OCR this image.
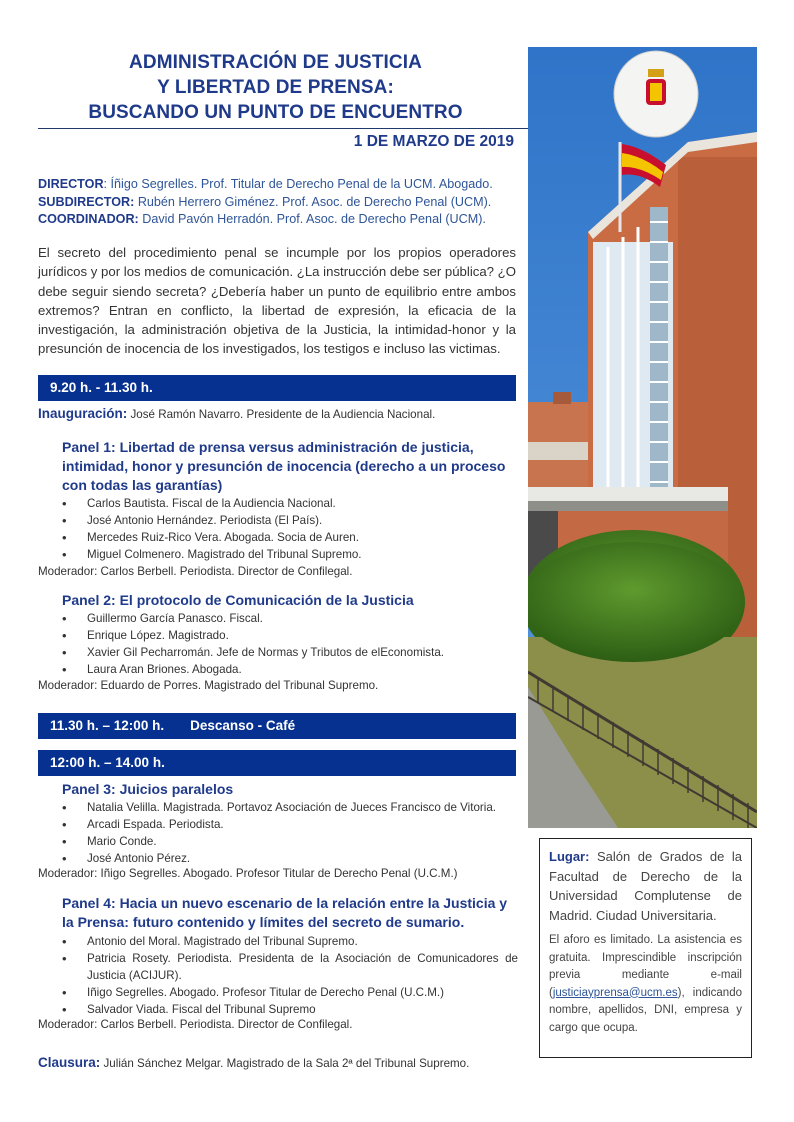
ADMINISTRACIÓN DE JUSTICIA
Y LIBERTAD DE PRENSA:
BUSCANDO UN PUNTO DE ENCUENTRO
1 DE MARZO DE 2019
DIRECTOR: Íñigo Segrelles. Prof. Titular de Derecho Penal de la UCM. Abogado.
SUBDIRECTOR: Rubén Herrero Giménez. Prof. Asoc. de Derecho Penal (UCM).
COORDINADOR: David Pavón Herradón. Prof. Asoc. de Derecho Penal (UCM).
El secreto del procedimiento penal se incumple por los propios operadores jurídicos y por los medios de comunicación. ¿La instrucción debe ser pública? ¿O debe seguir siendo secreta? ¿Debería haber un punto de equilibrio entre ambos extremos? Entran en conflicto, la libertad de expresión, la eficacia de la investigación, la administración objetiva de la Justicia, la intimidad-honor y la presunción de inocencia de los investigados, los testigos e incluso las victimas.
9.20 h. - 11.30 h.
Inauguración: José Ramón Navarro. Presidente de la Audiencia Nacional.
Panel 1: Libertad de prensa versus administración de justicia, intimidad, honor y presunción de inocencia (derecho a un proceso con todas las garantías)
• Carlos Bautista. Fiscal de la Audiencia Nacional.
• José Antonio Hernández. Periodista (El País).
• Mercedes Ruiz-Rico Vera. Abogada. Socia de Auren.
• Miguel Colmenero. Magistrado del Tribunal Supremo.
Moderador: Carlos Berbell. Periodista. Director de Confilegal.
Panel 2: El protocolo de Comunicación de la Justicia
• Guillermo García Panasco. Fiscal.
• Enrique López. Magistrado.
• Xavier Gil Pecharromán. Jefe de Normas y Tributos de elEconomista.
• Laura Aran Briones. Abogada.
Moderador: Eduardo de Porres. Magistrado del Tribunal Supremo.
11.30 h. – 12:00 h. Descanso - Café
12:00 h. – 14.00 h.
Panel 3: Juicios paralelos
• Natalia Velilla. Magistrada. Portavoz Asociación de Jueces Francisco de Vitoria.
• Arcadi Espada. Periodista.
• Mario Conde.
• José Antonio Pérez.
Moderador: Iñigo Segrelles. Abogado. Profesor Titular de Derecho Penal (U.C.M.)
Panel 4: Hacia un nuevo escenario de la relación entre la Justicia y la Prensa: futuro contenido y límites del secreto de sumario.
• Antonio del Moral. Magistrado del Tribunal Supremo.
• Patricia Rosety. Periodista. Presidenta de la Asociación de Comunicadores de Justicia (ACIJUR).
• Iñigo Segrelles. Abogado. Profesor Titular de Derecho Penal (U.C.M.)
• Salvador Viada. Fiscal del Tribunal Supremo
Moderador: Carlos Berbell. Periodista. Director de Confilegal.
Clausura: Julián Sánchez Melgar. Magistrado de la Sala 2ª del Tribunal Supremo.
Lugar: Salón de Grados de la Facultad de Derecho de la Universidad Complutense de Madrid. Ciudad Universitaria.
El aforo es limitado. La asistencia es gratuita. Imprescindible inscripción previa mediante e-mail (justiciayprensa@ucm.es), indicando nombre, apellidos, DNI, empresa y cargo que ocupa.
